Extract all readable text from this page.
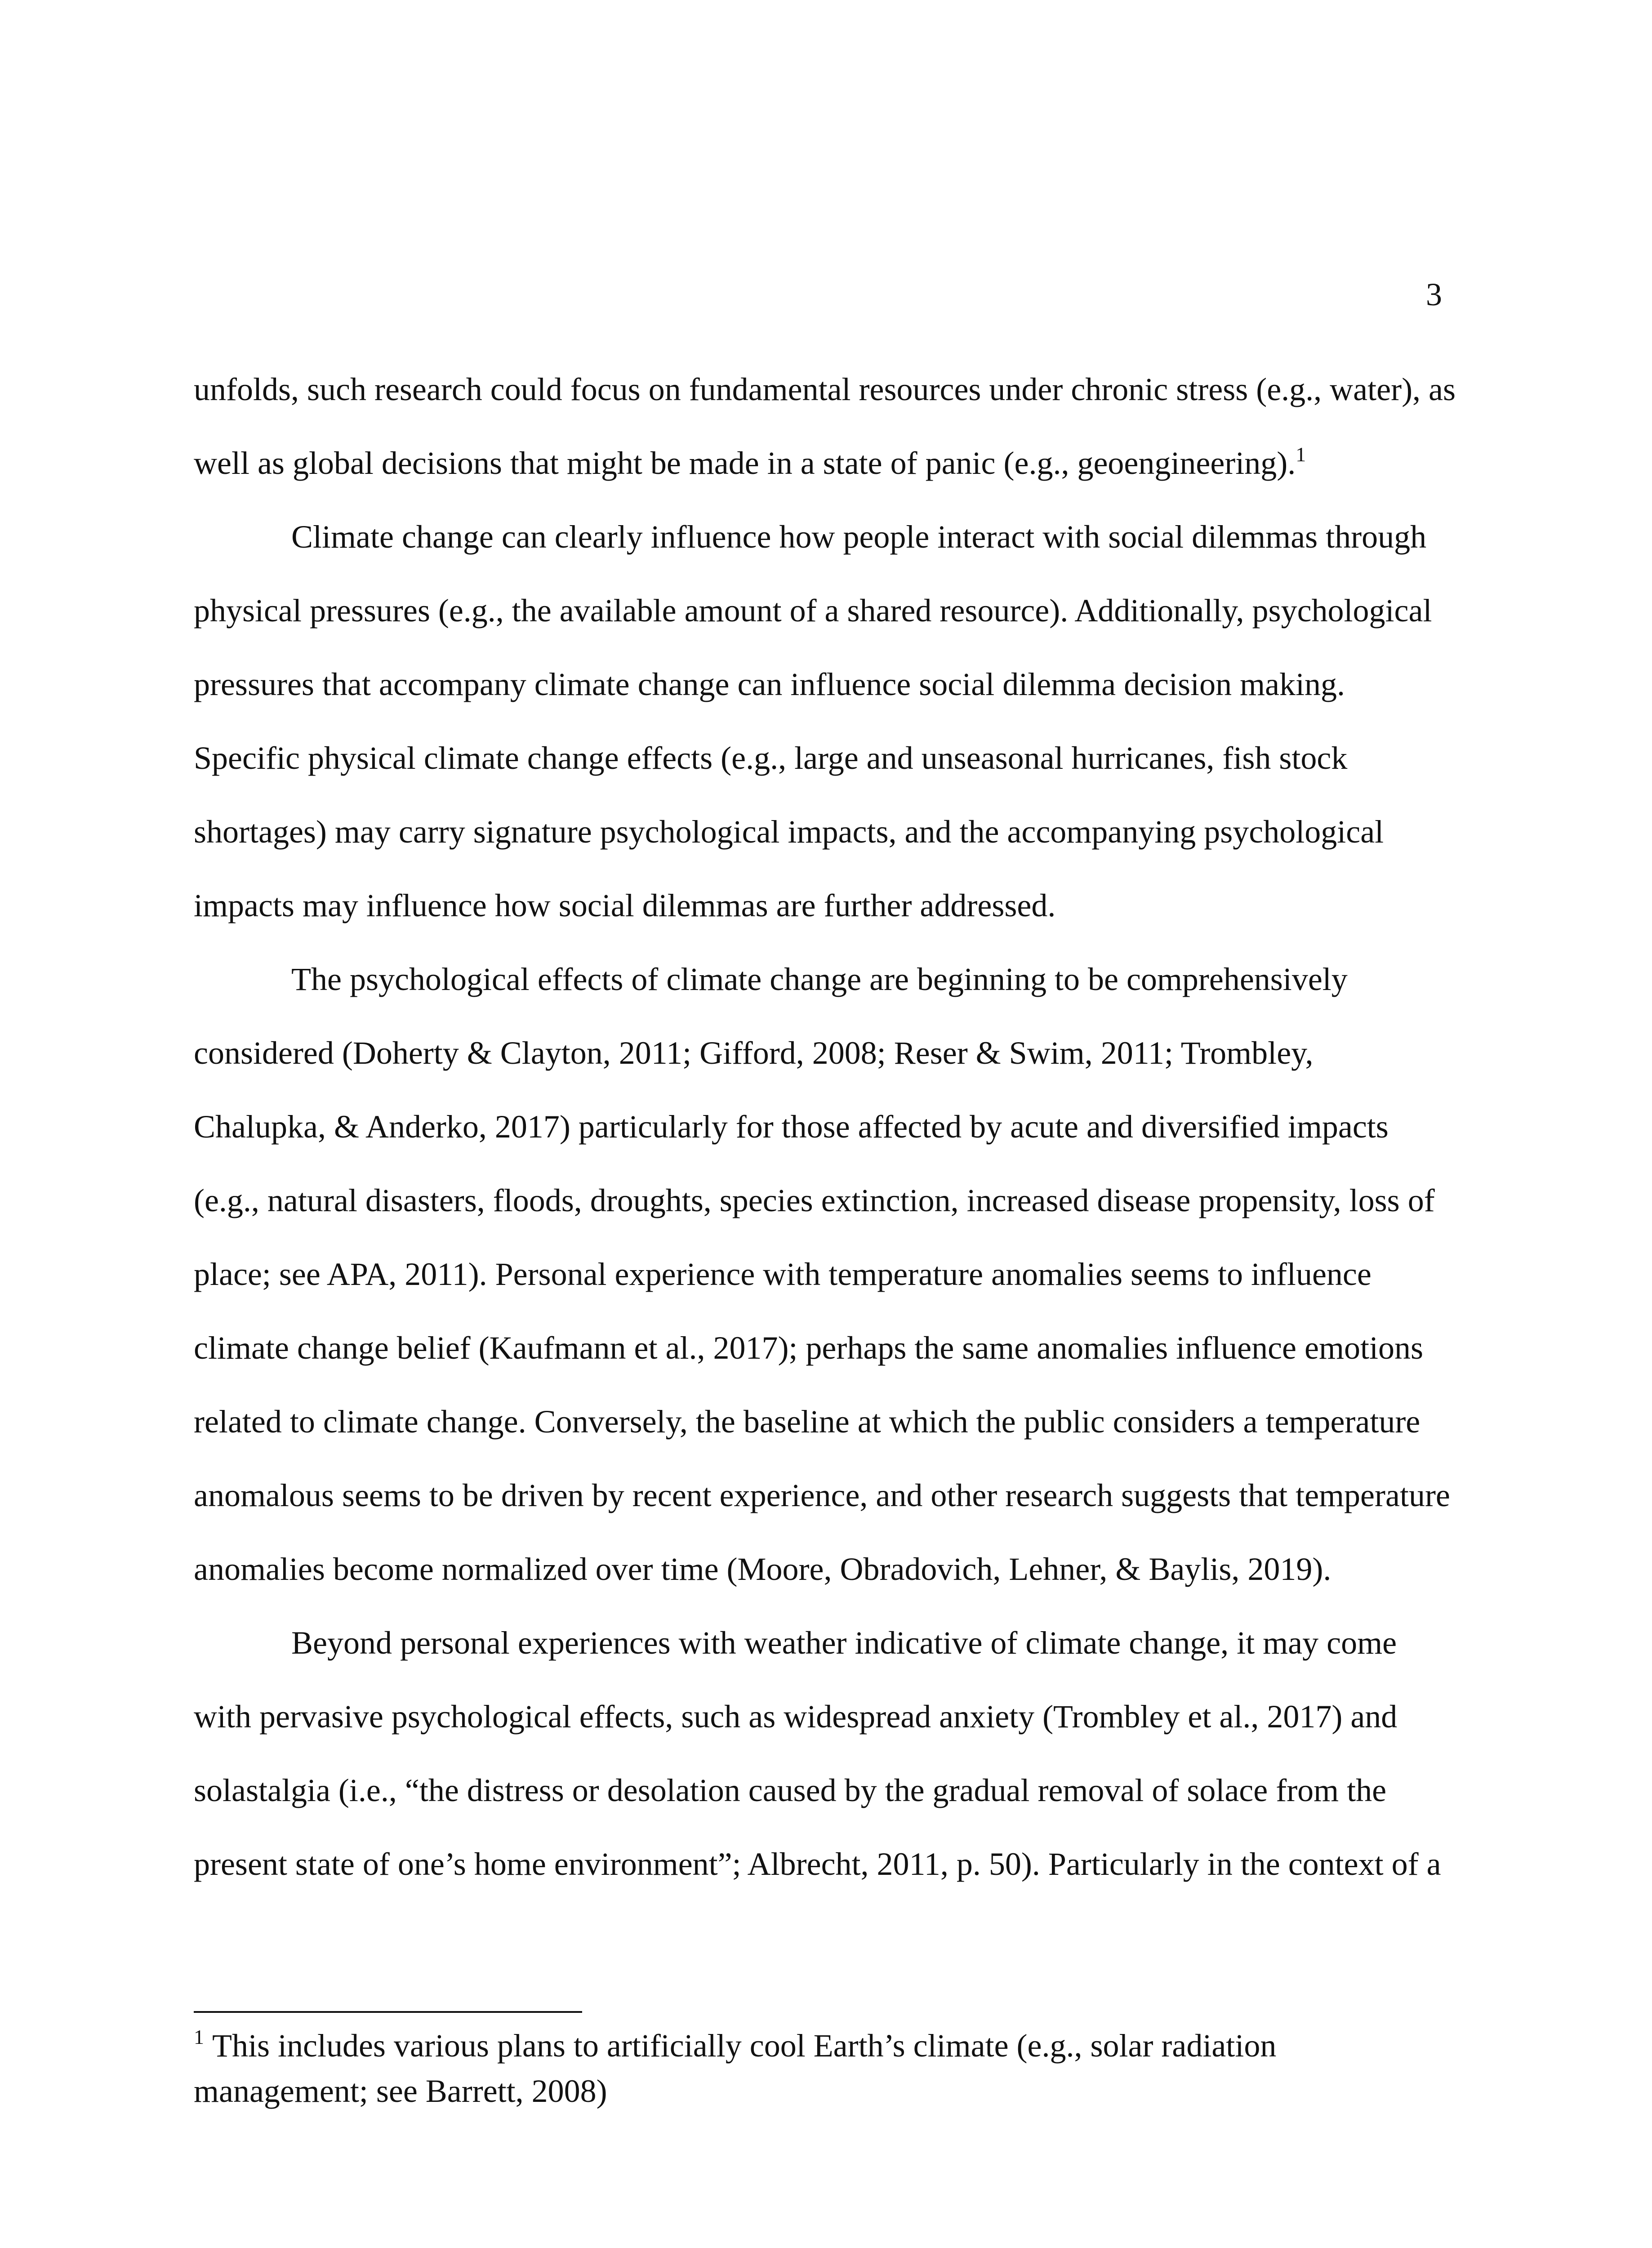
3
unfolds, such research could focus on fundamental resources under chronic stress (e.g., water), as
well as global decisions that might be made in a state of panic (e.g., geoengineering).$^1$
Climate change can clearly influence how people interact with social dilemmas through
physical pressures (e.g., the available amount of a shared resource). Additionally, psychological
pressures that accompany climate change can influence social dilemma decision making.
Specific physical climate change effects (e.g., large and unseasonal hurricanes, fish stock
shortages) may carry signature psychological impacts, and the accompanying psychological
impacts may influence how social dilemmas are further addressed.
The psychological effects of climate change are beginning to be comprehensively
considered (Doherty & Clayton, 2011; Gifford, 2008; Reser & Swim, 2011; Trombley,
Chalupka, & Anderko, 2017) particularly for those affected by acute and diversified impacts
(e.g., natural disasters, floods, droughts, species extinction, increased disease propensity, loss of
place; see APA, 2011). Personal experience with temperature anomalies seems to influence
climate change belief (Kaufmann et al., 2017); perhaps the same anomalies influence emotions
related to climate change. Conversely, the baseline at which the public considers a temperature
anomalous seems to be driven by recent experience, and other research suggests that temperature
anomalies become normalized over time (Moore, Obradovich, Lehner, & Baylis, 2019).
Beyond personal experiences with weather indicative of climate change, it may come
with pervasive psychological effects, such as widespread anxiety (Trombley et al., 2017) and
solastalgia (i.e., “the distress or desolation caused by the gradual removal of solace from the
present state of one’s home environment”; Albrecht, 2011, p. 50). Particularly in the context of a
$^1$ This includes various plans to artificially cool Earth’s climate (e.g., solar radiation
management; see Barrett, 2008)
